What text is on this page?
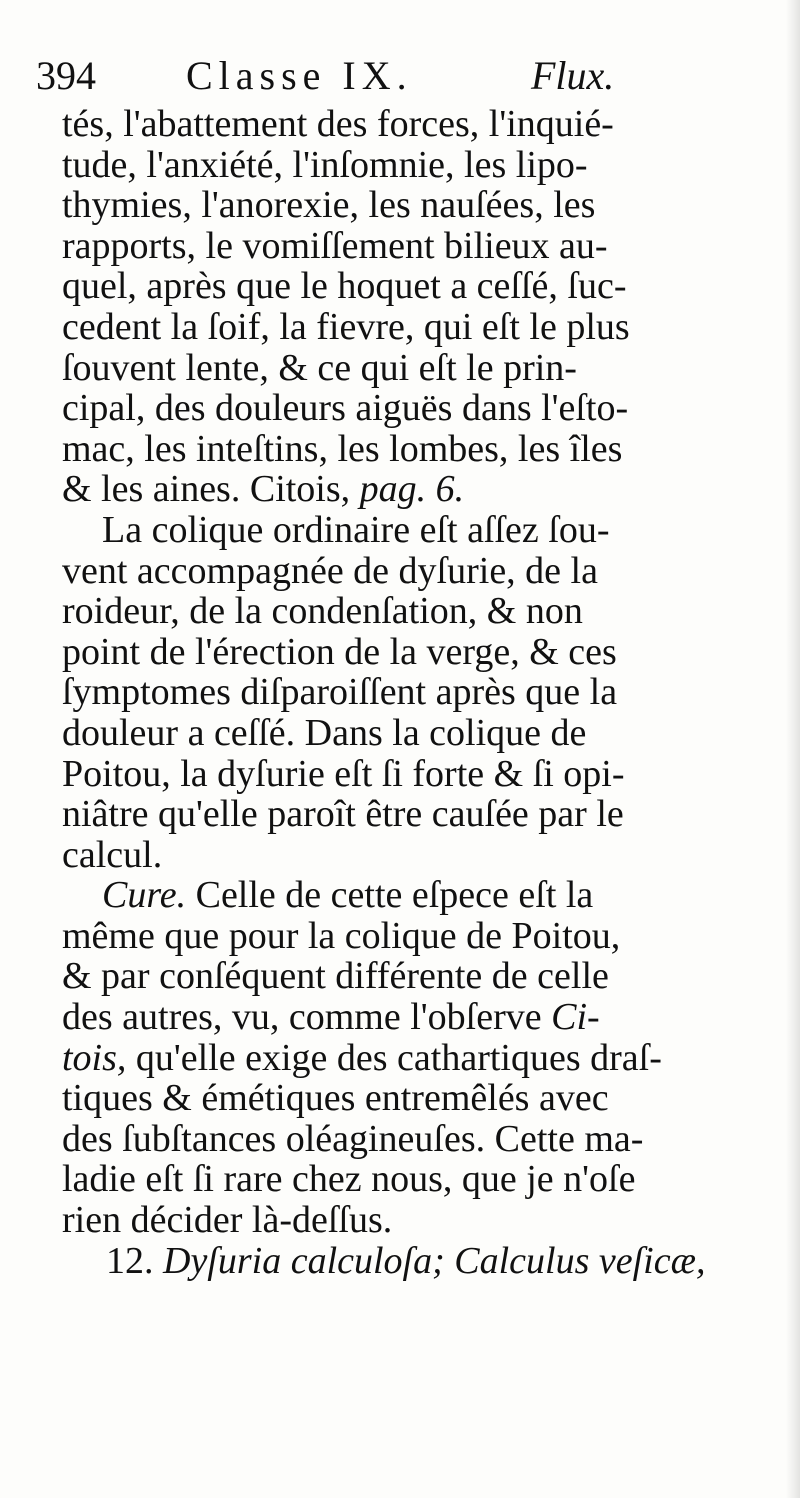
394 Classe IX.	Flux.
tés, l'abattement des forces, l'inquié-
tude, l'anxiété, l'inſomnie, les lipo-
thymies, l'anorexie, les nauſées, les
rapports, le vomiſſement bilieux au-
quel, après que le hoquet a ceſſé, ſuc-
cedent la ſoif, la fievre, qui eſt le plus
ſouvent lente, & ce qui eſt le prin-
cipal, des douleurs aiguës dans l'eſto-
mac, les inteſtins, les lombes, les îles
& les aines. Citois, pag. 6.
La colique ordinaire eſt aſſez ſou-
vent accompagnée de dyſurie, de la
roideur, de la condenſation, & non
point de l'érection de la verge, & ces
ſymptomes diſparoiſſent après que la
douleur a ceſſé. Dans la colique de
Poitou, la dyſurie eſt ſi forte & ſi opi-
niâtre qu'elle paroît être cauſée par le
calcul.
Cure. Celle de cette eſpece eſt la
même que pour la colique de Poitou,
& par conſéquent différente de celle
des autres, vu, comme l'obſerve Ci-
tois, qu'elle exige des cathartiques draſ-
tiques & émétiques entremêlés avec
des ſubſtances oléagineuſes. Cette ma-
ladie eſt ſi rare chez nous, que je n'oſe
rien décider là-deſſus.
12. Dyſuria calculoſa; Calculus veſicæ,
